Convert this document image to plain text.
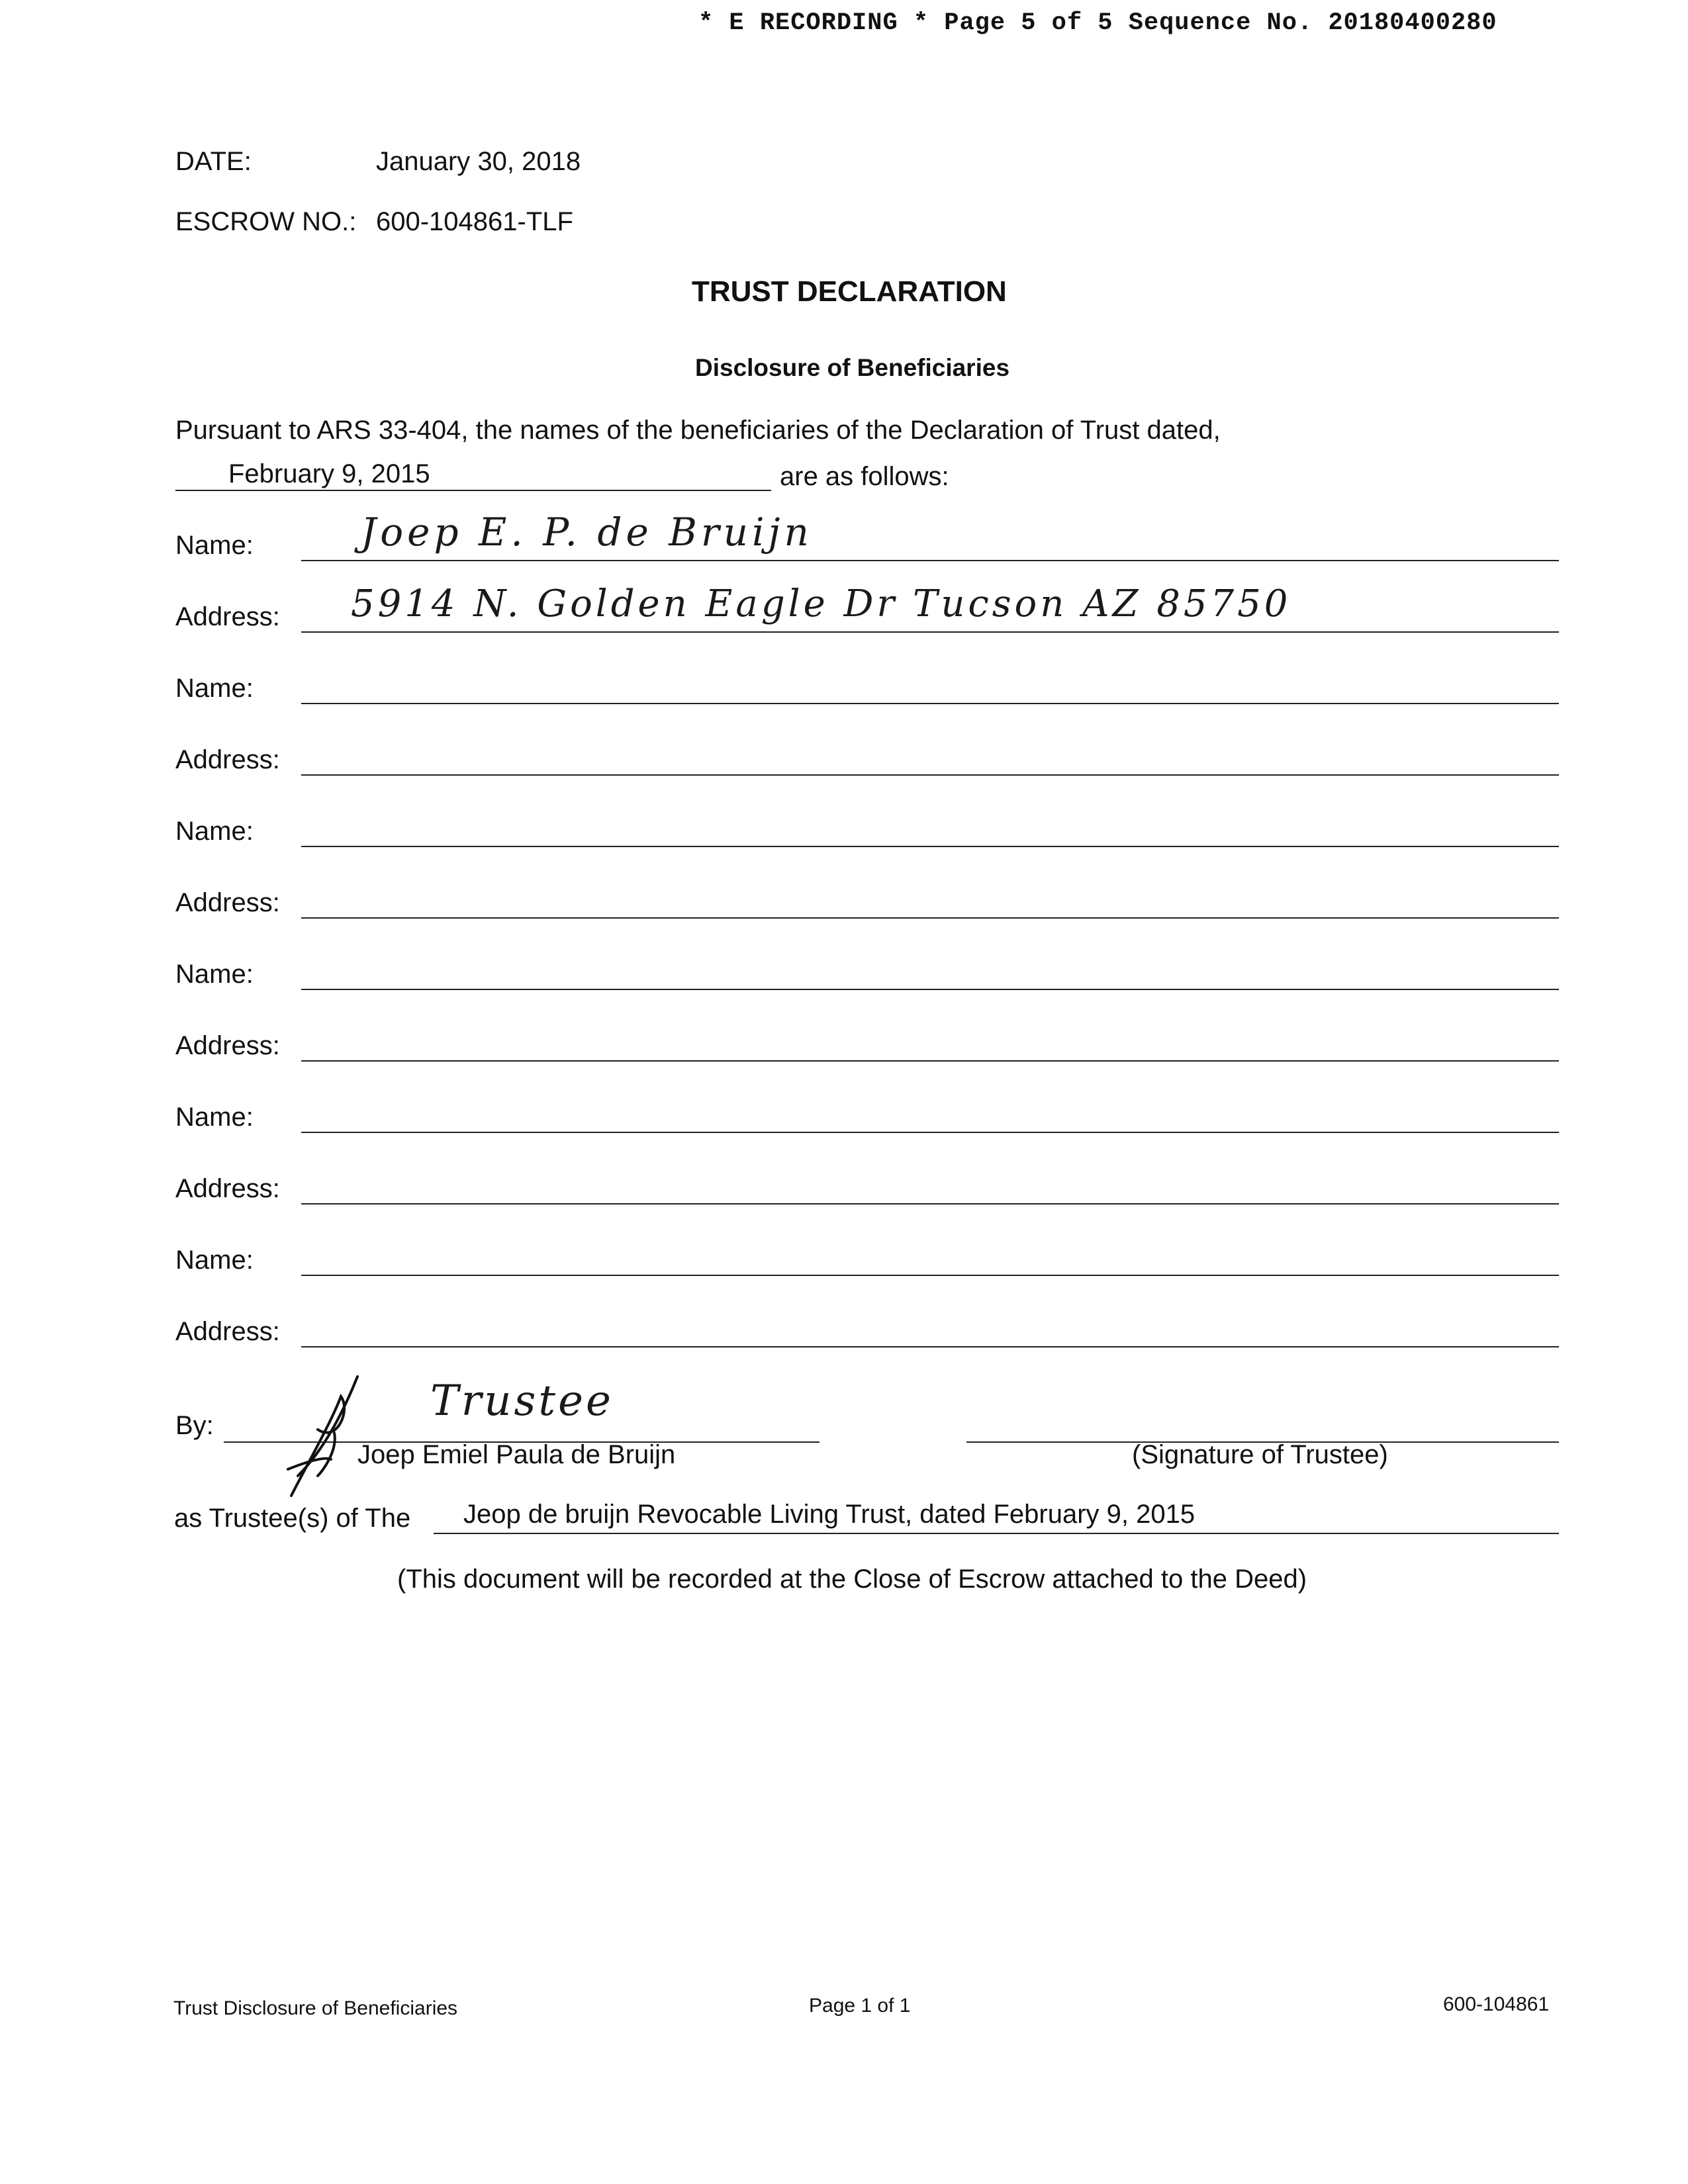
* E RECORDING * Page 5 of 5 Sequence No. 20180400280
DATE:	January 30, 2018
ESCROW NO.: 600-104861-TLF
TRUST DECLARATION
Disclosure of Beneficiaries
Pursuant to ARS 33-404, the names of the beneficiaries of the Declaration of Trust dated,
February 9, 2015	are as follows:
Name:	Joep E. P. de Bruijn
Address: 5914 N. Golden Eagle Dr Tucson AZ 85750
Name:
Address:
Name:
Address:
Name:
Address:
Name:
Address:
Name:
Address:
By:	Trustee
Joep Emiel Paula de Bruijn	(Signature of Trustee)
as Trustee(s) of The Jeop de bruijn Revocable Living Trust, dated February 9, 2015
(This document will be recorded at the Close of Escrow attached to the Deed)
Trust Disclosure of Beneficiaries	Page 1 of 1	600-104861
